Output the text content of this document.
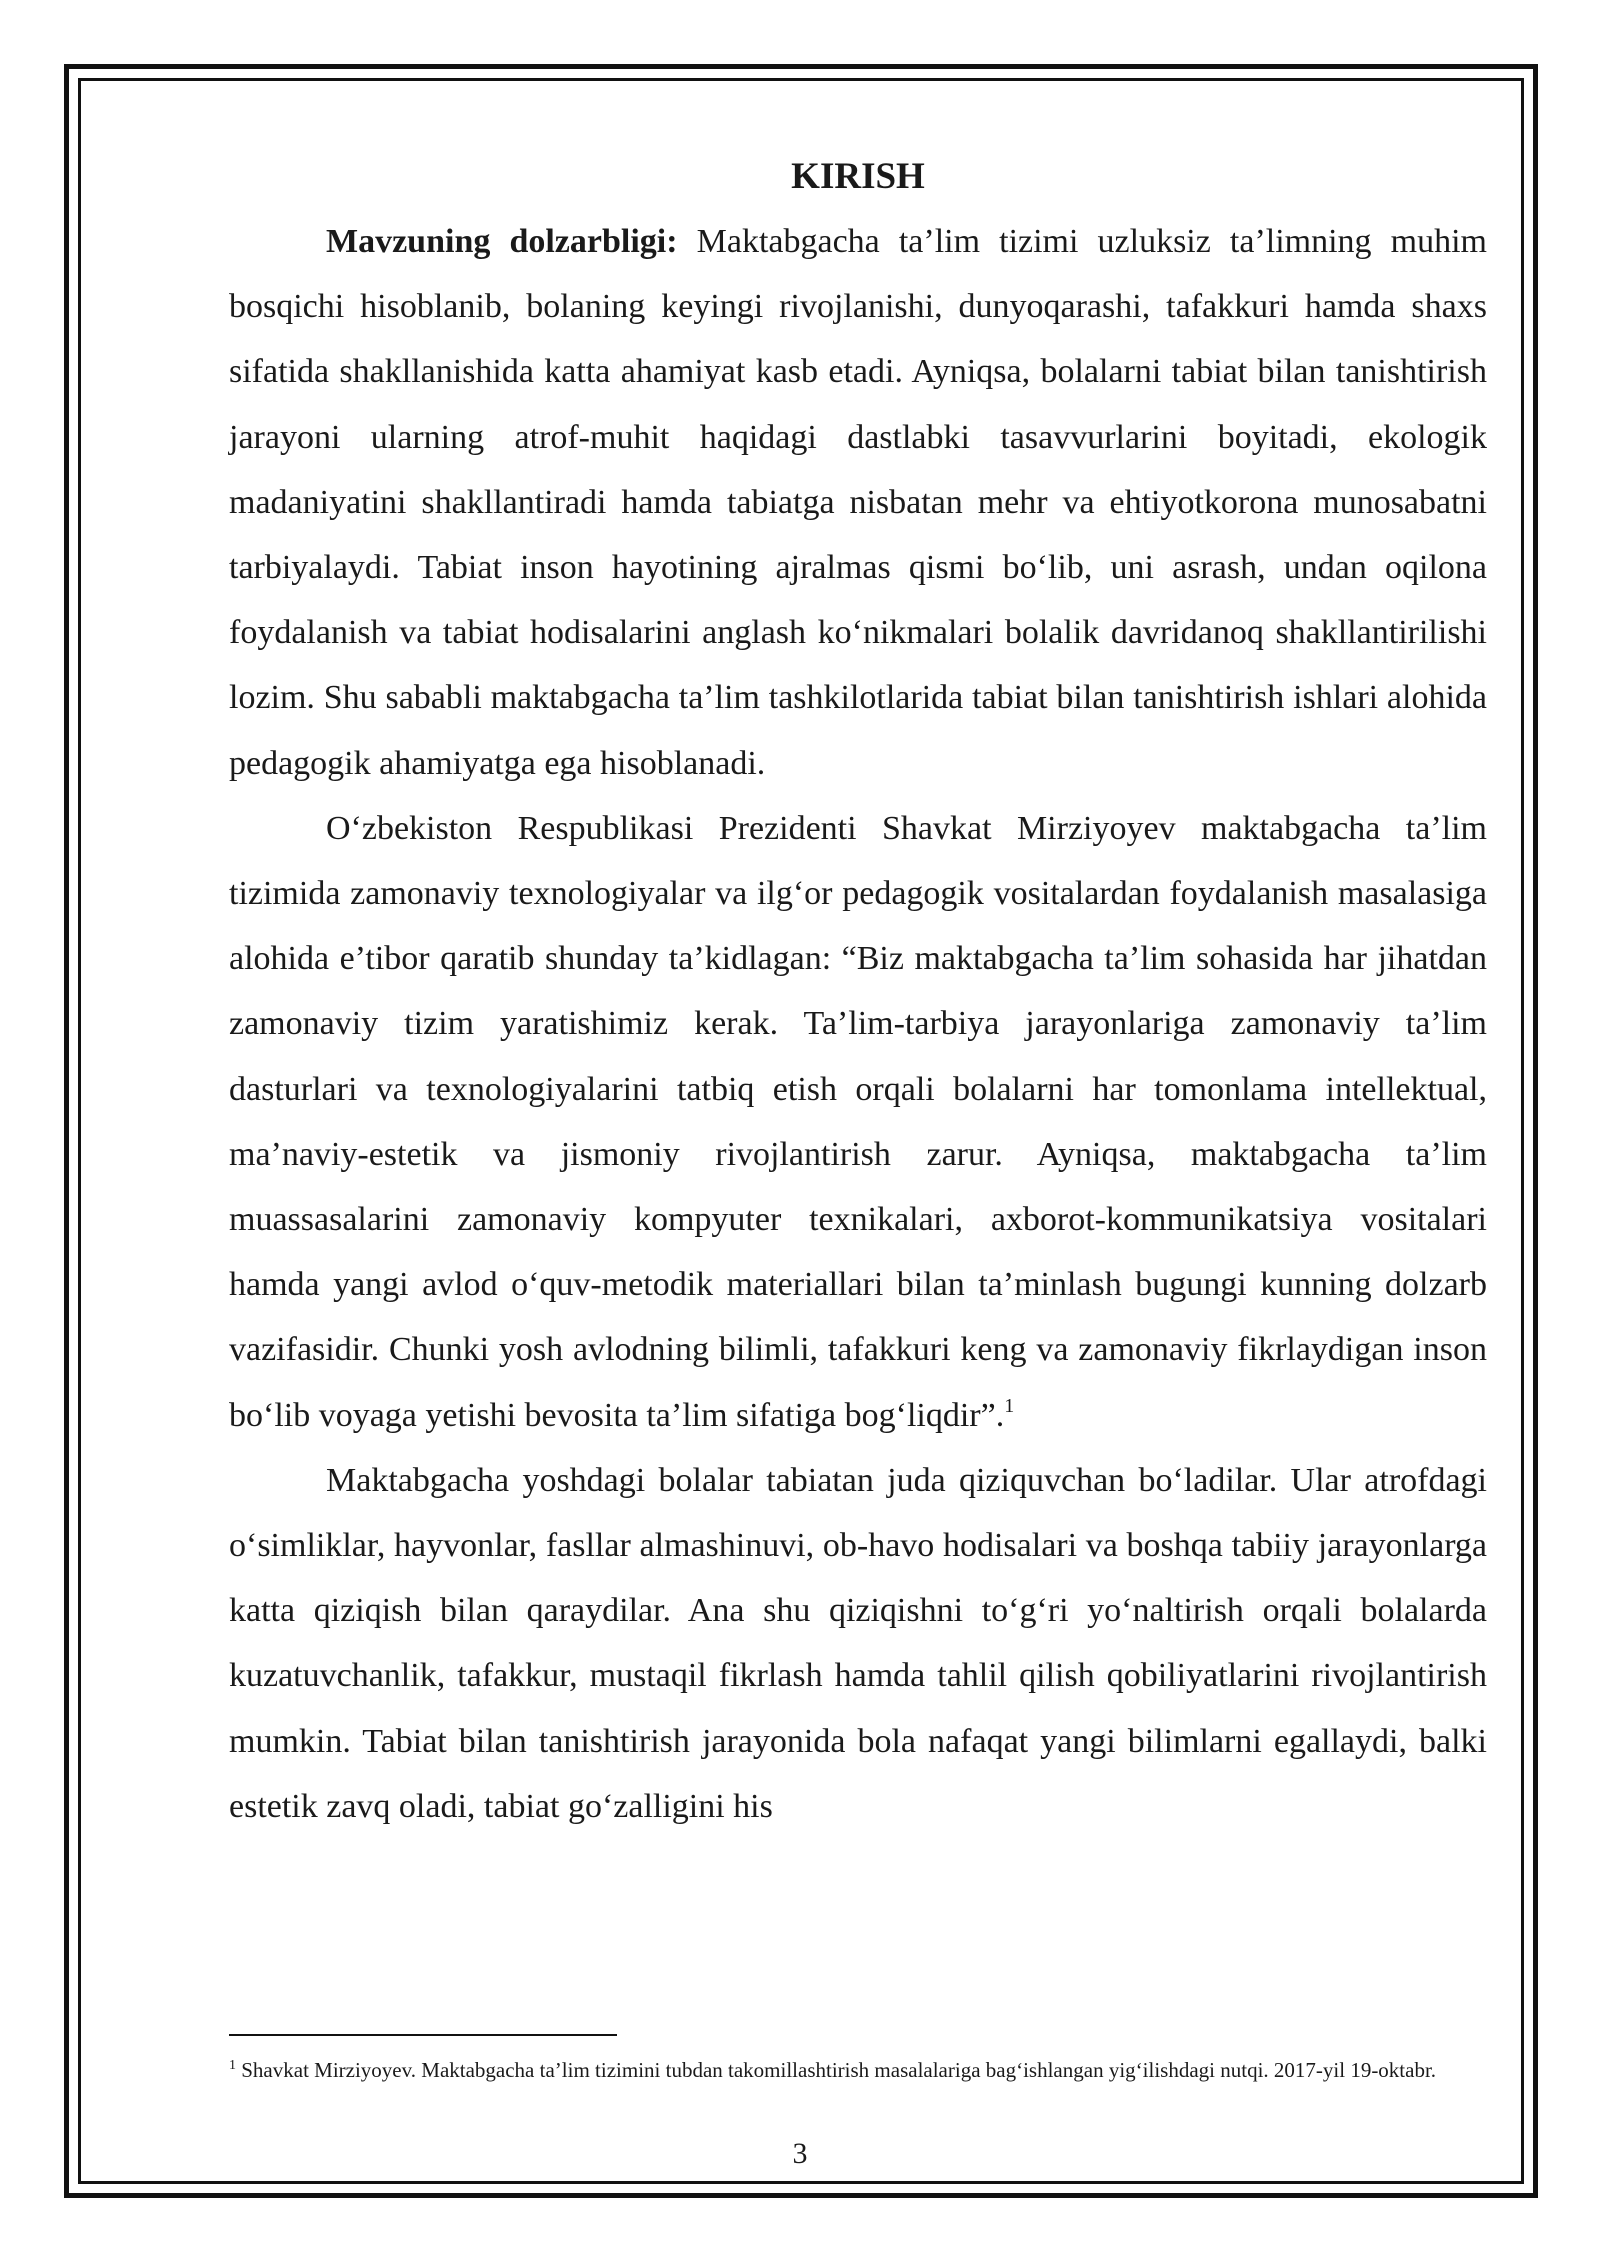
KIRISH

Mavzuning dolzarbligi: Maktabgacha ta’lim tizimi uzluksiz ta’limning muhim bosqichi hisoblanib, bolaning keyingi rivojlanishi, dunyoqarashi, tafakkuri hamda shaxs sifatida shakllanishida katta ahamiyat kasb etadi. Ayniqsa, bolalarni tabiat bilan tanishtirish jarayoni ularning atrof-muhit haqidagi dastlabki tasavvurlarini boyitadi, ekologik madaniyatini shakllantiradi hamda tabiatga nisbatan mehr va ehtiyotkorona munosabatni tarbiyalaydi. Tabiat inson hayotining ajralmas qismi bo‘lib, uni asrash, undan oqilona foydalanish va tabiat hodisalarini anglash ko‘nikmalari bolalik davridanoq shakllantirilishi lozim. Shu sababli maktabgacha ta’lim tashkilotlarida tabiat bilan tanishtirish ishlari alohida pedagogik ahamiyatga ega hisoblanadi.

O‘zbekiston Respublikasi Prezidenti Shavkat Mirziyoyev maktabgacha ta’lim tizimida zamonaviy texnologiyalar va ilg‘or pedagogik vositalardan foydalanish masalasiga alohida e’tibor qaratib shunday ta’kidlagan: “Biz maktabgacha ta’lim sohasida har jihatdan zamonaviy tizim yaratishimiz kerak. Ta’lim-tarbiya jarayonlariga zamonaviy ta’lim dasturlari va texnologiyalarini tatbiq etish orqali bolalarni har tomonlama intellektual, ma’naviy-estetik va jismoniy rivojlantirish zarur. Ayniqsa, maktabgacha ta’lim muassasalarini zamonaviy kompyuter texnikalari, axborot-kommunikatsiya vositalari hamda yangi avlod o‘quv-metodik materiallari bilan ta’minlash bugungi kunning dolzarb vazifasidir. Chunki yosh avlodning bilimli, tafakkuri keng va zamonaviy fikrlaydigan inson bo‘lib voyaga yetishi bevosita ta’lim sifatiga bog‘liqdir”.$^1$

Maktabgacha yoshdagi bolalar tabiatan juda qiziquvchan bo‘ladilar. Ular atrofdagi o‘simliklar, hayvonlar, fasllar almashinuvi, ob-havo hodisalari va boshqa tabiiy jarayonlarga katta qiziqish bilan qaraydilar. Ana shu qiziqishni to‘g‘ri yo‘naltirish orqali bolalarda kuzatuvchanlik, tafakkur, mustaqil fikrlash hamda tahlil qilish qobiliyatlarini rivojlantirish mumkin. Tabiat bilan tanishtirish jarayonida bola nafaqat yangi bilimlarni egallaydi, balki estetik zavq oladi, tabiat go‘zalligini his

$^1$ Shavkat Mirziyoyev. Maktabgacha ta’lim tizimini tubdan takomillashtirish masalalariga bag‘ishlangan yig‘ilishdagi nutqi. 2017-yil 19-oktabr.
3
